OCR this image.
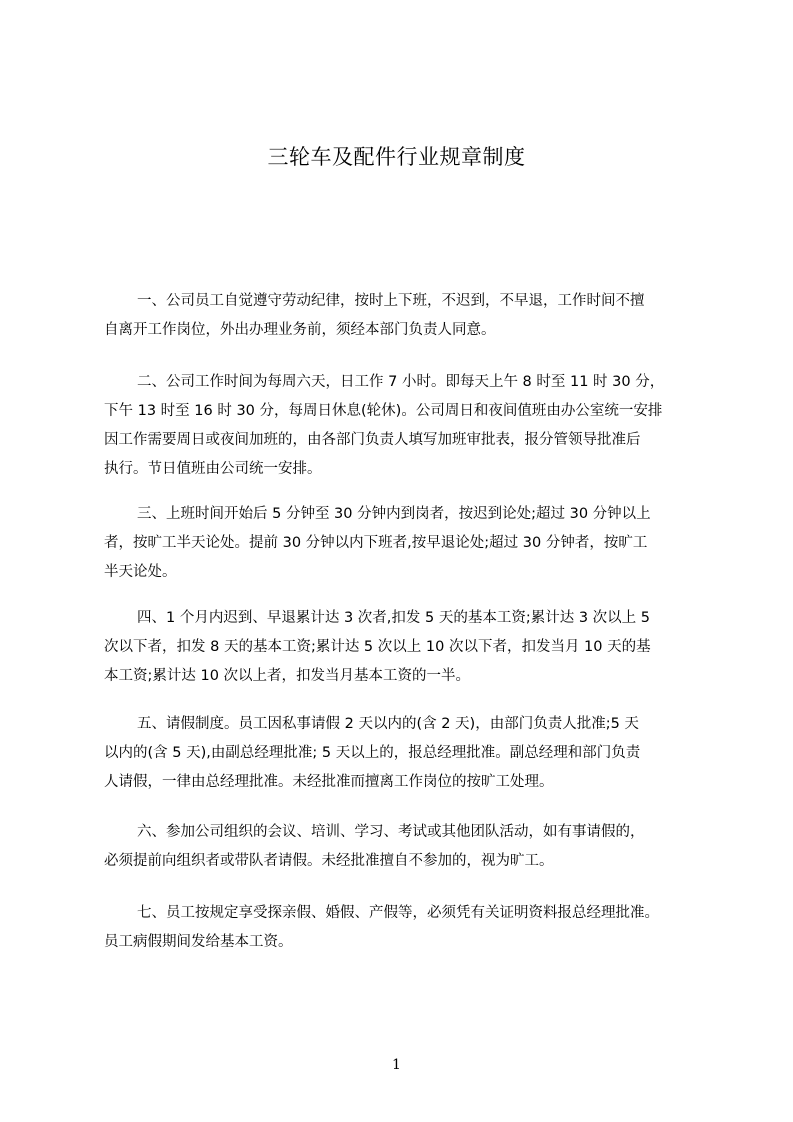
三轮车及配件行业规章制度
一、公司员工自觉遵守劳动纪律，按时上下班，不迟到，不早退，工作时间不擅
自离开工作岗位，外出办理业务前，须经本部门负责人同意。
二、公司工作时间为每周六天，日工作 7 小时。即每天上午 8 时至 11 时 30 分，
下午 13 时至 16 时 30 分，每周日休息(轮休)。公司周日和夜间值班由办公室统一安排
因工作需要周日或夜间加班的，由各部门负责人填写加班审批表，报分管领导批准后
执行。节日值班由公司统一安排。
三、上班时间开始后 5 分钟至 30 分钟内到岗者，按迟到论处;超过 30 分钟以上
者，按旷工半天论处。提前 30 分钟以内下班者,按早退论处;超过 30 分钟者，按旷工
半天论处。
四、1 个月内迟到、早退累计达 3 次者,扣发 5 天的基本工资;累计达 3 次以上 5
次以下者，扣发 8 天的基本工资;累计达 5 次以上 10 次以下者，扣发当月 10 天的基
本工资;累计达 10 次以上者，扣发当月基本工资的一半。
五、请假制度。员工因私事请假 2 天以内的(含 2 天)，由部门负责人批准;5 天
以内的(含 5 天),由副总经理批准; 5 天以上的，报总经理批准。副总经理和部门负责
人请假，一律由总经理批准。未经批准而擅离工作岗位的按旷工处理。
六、参加公司组织的会议、培训、学习、考试或其他团队活动，如有事请假的，
必须提前向组织者或带队者请假。未经批准擅自不参加的，视为旷工。
七、员工按规定享受探亲假、婚假、产假等，必须凭有关证明资料报总经理批准。
员工病假期间发给基本工资。
1
